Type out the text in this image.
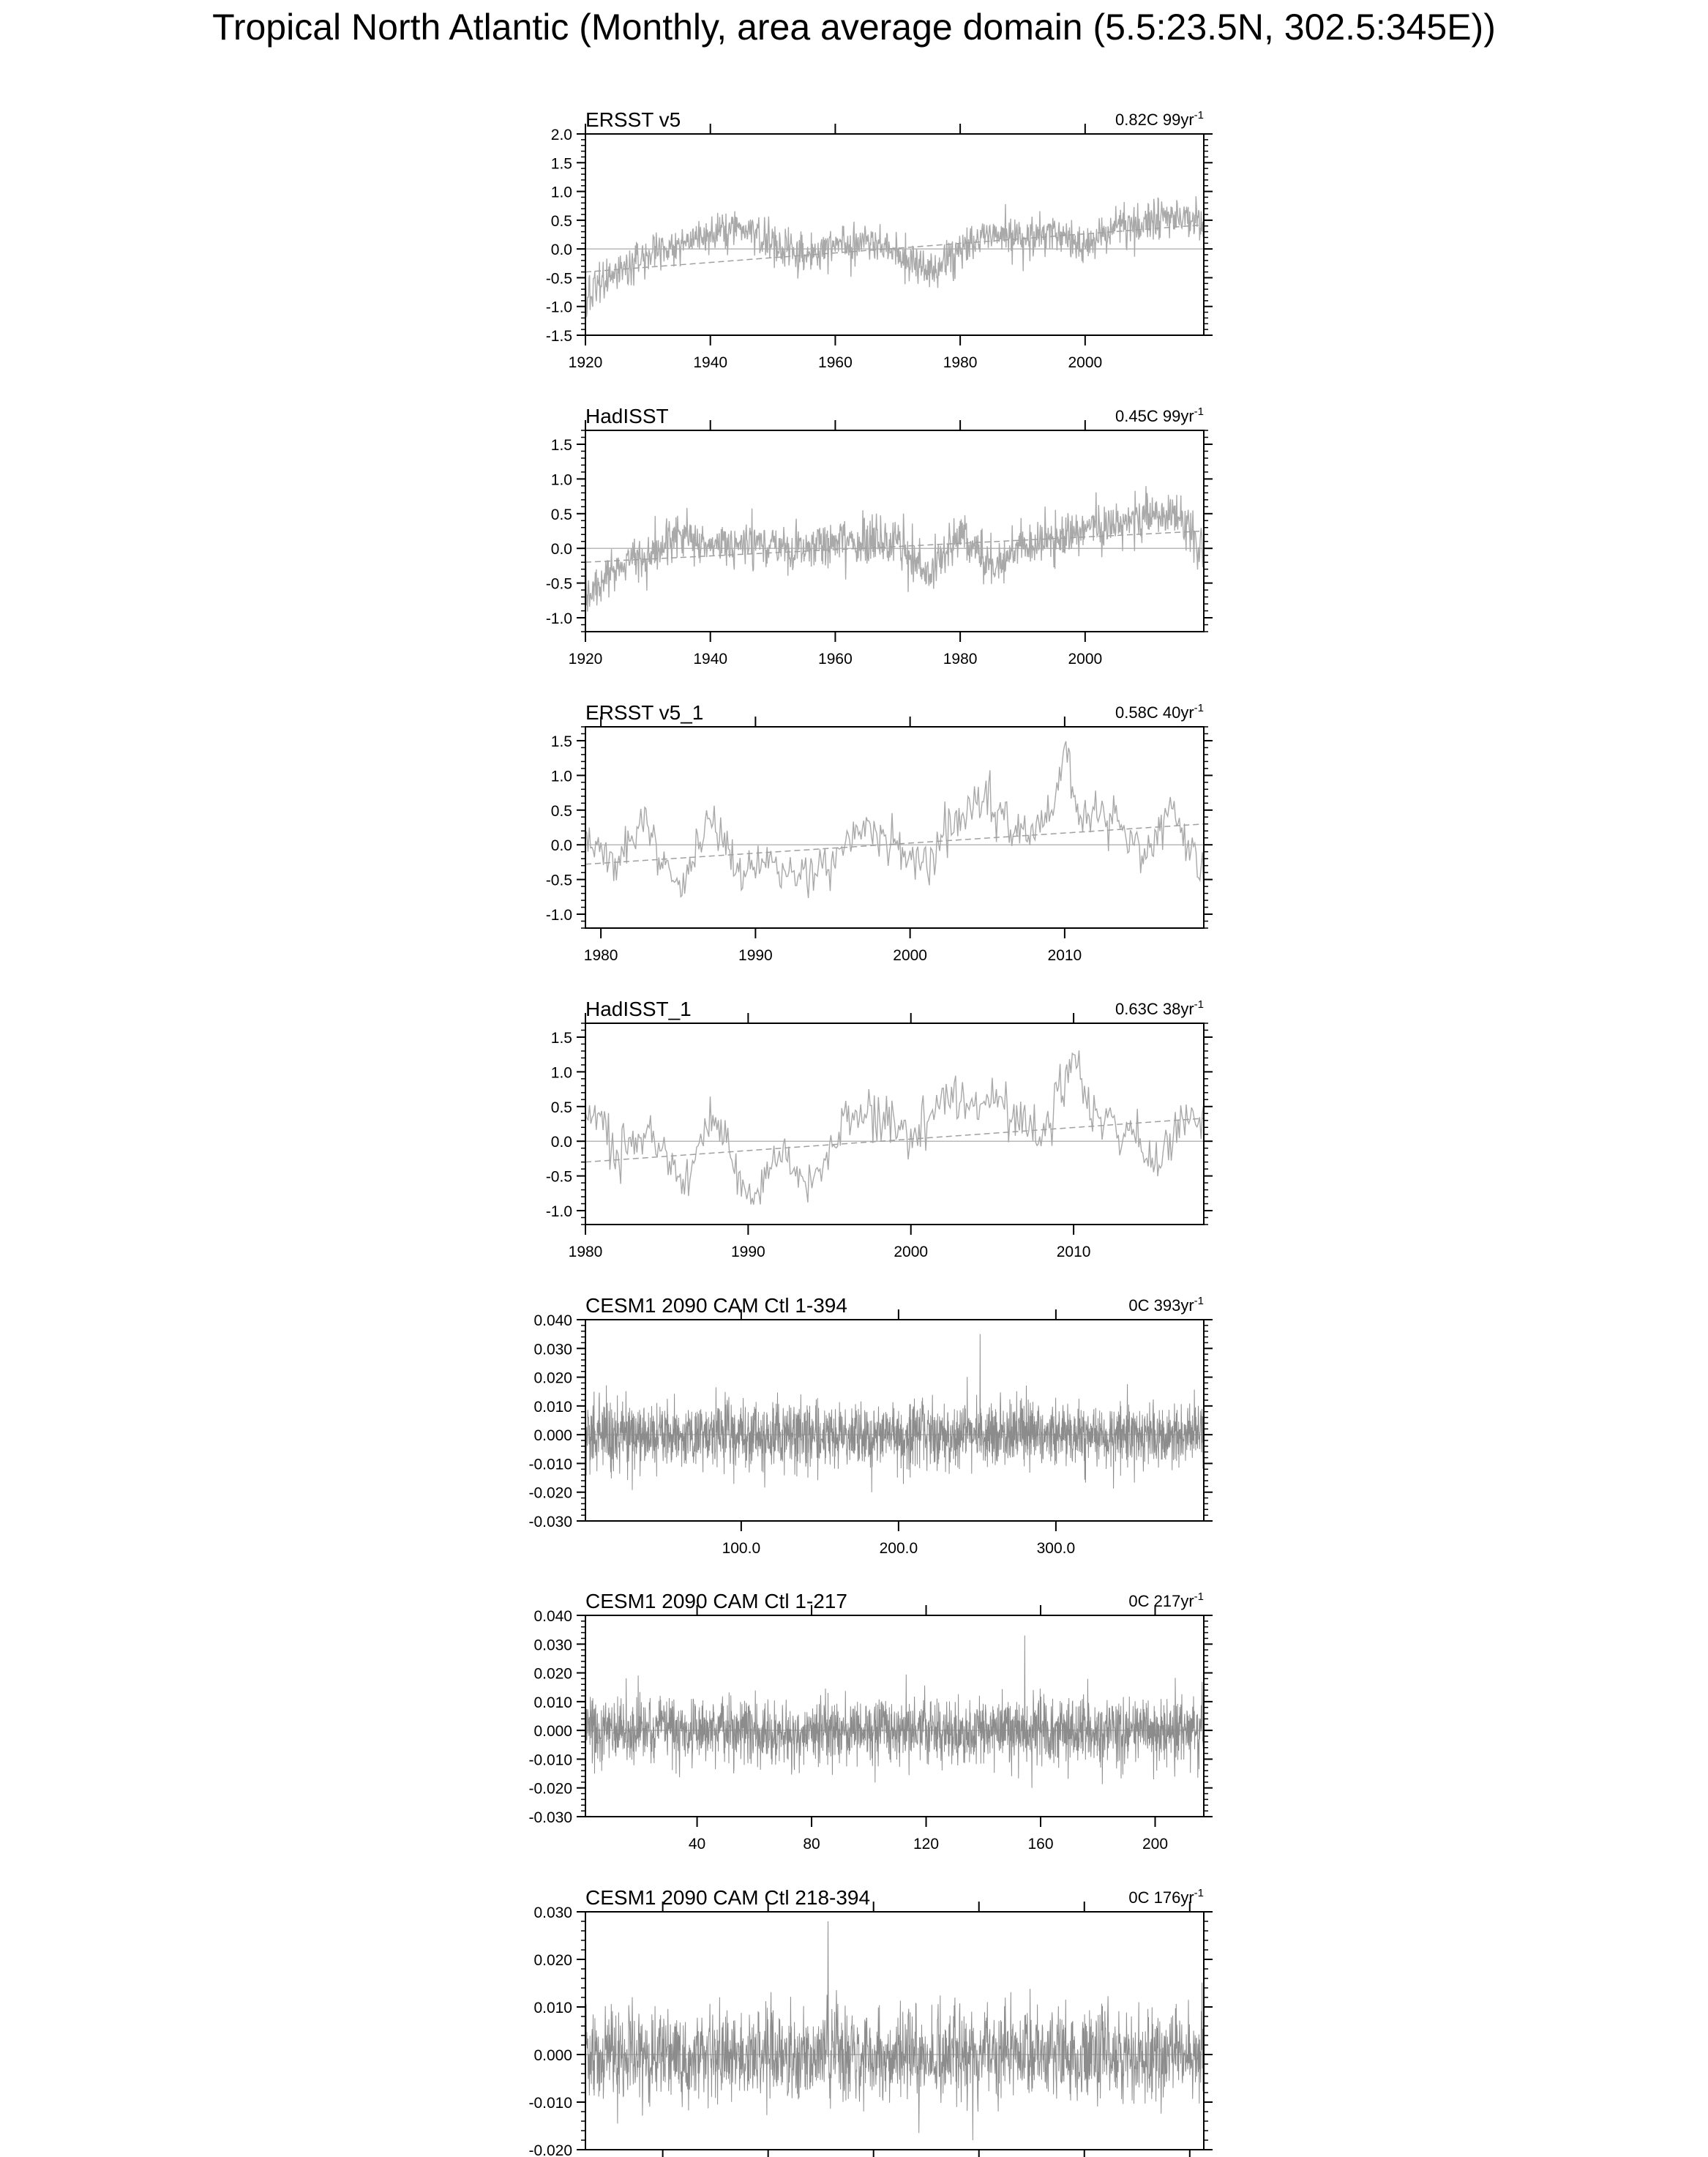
Tropical North Atlantic (Monthly, area average domain (5.5:23.5N, 302.5:345E))
ERSST v5	0.82C $99yr^{-1}$
-1.5
-1.0
-0.5
0.0
0.5
1.0
1.5
2.0
1920	1940	1960	1980	2000
HadISST	0.45C $99yr^{-1}$
-1.0
-0.5
0.0
0.5
1.0
1.5
1920	1940	1960	1980	2000
ERSST v5_1	0.58C $40yr^{-1}$
-1.0
-0.5
0.0
0.5
1.0
1.5
1980	1990	2000	2010
HadISST_1	0.63C $38yr^{-1}$
-1.0
-0.5
0.0
0.5
1.0
1.5
1980	1990	2000	2010
CESM1 2090 CAM Ctl 1-394	0C $393yr^{-1}$
-0.030
-0.020
-0.010
0.000
0.010
0.020
0.030
0.040
100.0	200.0	300.0
CESM1 2090 CAM Ctl 1-217	0C $217yr^{-1}$
-0.030
-0.020
-0.010
0.000
0.010
0.020
0.030
0.040
40	80	120	160	200
CESM1 2090 CAM Ctl 218-394	0C $176yr^{-1}$
-0.020
-0.010
0.000
0.010
0.020
0.030
